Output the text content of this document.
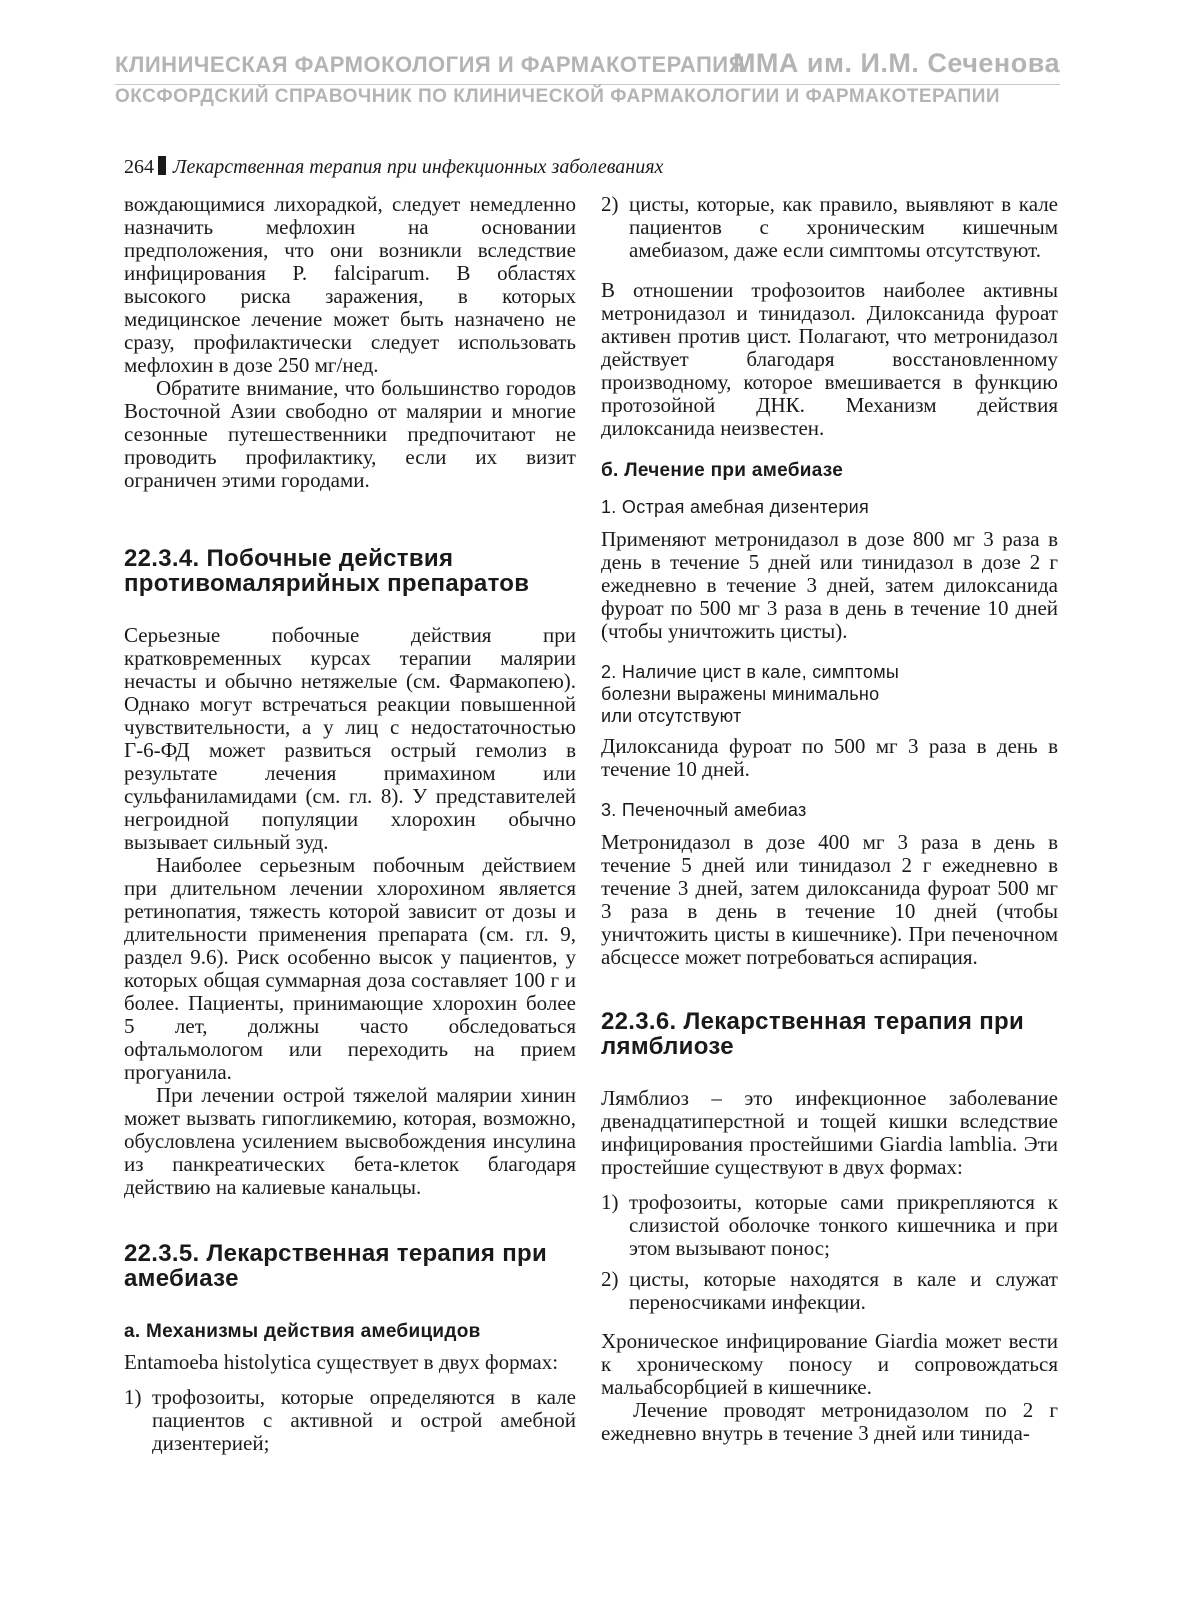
КЛИНИЧЕСКАЯ ФАРМОКОЛОГИЯ И ФАРМАКОТЕРАПИЯ
ММА им. И.М. Сеченова
ОКСФОРДСКИЙ СПРАВОЧНИК ПО КЛИНИЧЕСКОЙ ФАРМАКОЛОГИИ И ФАРМАКОТЕРАПИИ
264 Лекарственная терапия при инфекционных заболеваниях

вождающимися лихорадкой, следует немедленно назначить мефлохин на основании предположения, что они возникли вследствие инфицирования P. falciparum. В областях высокого риска заражения, в которых медицинское лечение может быть назначено не сразу, профилактически следует использовать мефлохин в дозе 250 мг/нед.

Обратите внимание, что большинство городов Восточной Азии свободно от малярии и многие сезонные путешественники предпочитают не проводить профилактику, если их визит ограничен этими городами.

22.3.4. Побочные действия противомалярийных препаратов

Серьезные побочные действия при кратковременных курсах терапии малярии нечасты и обычно нетяжелые (см. Фармакопею). Однако могут встречаться реакции повышенной чувствительности, а у лиц с недостаточностью Г-6-ФД может развиться острый гемолиз в результате лечения примахином или сульфаниламидами (см. гл. 8). У представителей негроидной популяции хлорохин обычно вызывает сильный зуд.

Наиболее серьезным побочным действием при длительном лечении хлорохином является ретинопатия, тяжесть которой зависит от дозы и длительности применения препарата (см. гл. 9, раздел 9.6). Риск особенно высок у пациентов, у которых общая суммарная доза составляет 100 г и более. Пациенты, принимающие хлорохин более 5 лет, должны часто обследоваться офтальмологом или переходить на прием прогуанила.

При лечении острой тяжелой малярии хинин может вызвать гипогликемию, которая, возможно, обусловлена усилением высвобождения инсулина из панкреатических бета-клеток благодаря действию на калиевые канальцы.

22.3.5. Лекарственная терапия при амебиазе
а. Механизмы действия амебицидов

Entamoeba histolytica существует в двух формах:

1) трофозоиты, которые определяются в кале пациентов с активной и острой амебной дизентерией;
2) цисты, которые, как правило, выявляют в кале пациентов с хроническим кишечным амебиазом, даже если симптомы отсутствуют.

В отношении трофозоитов наиболее активны метронидазол и тинидазол. Дилоксанида фуроат активен против цист. Полагают, что метронидазол действует благодаря восстановленному производному, которое вмешивается в функцию протозойной ДНК. Механизм действия дилоксанида неизвестен.

б. Лечение при амебиазе
1. Острая амебная дизентерия

Применяют метронидазол в дозе 800 мг 3 раза в день в течение 5 дней или тинидазол в дозе 2 г ежедневно в течение 3 дней, затем дилоксанида фуроат по 500 мг 3 раза в день в течение 10 дней (чтобы уничтожить цисты).

2. Наличие цист в кале, симптомы
болезни выражены минимально
или отсутствуют

Дилоксанида фуроат по 500 мг 3 раза в день в течение 10 дней.

3. Печеночный амебиаз

Метронидазол в дозе 400 мг 3 раза в день в течение 5 дней или тинидазол 2 г ежедневно в течение 3 дней, затем дилоксанида фуроат 500 мг 3 раза в день в течение 10 дней (чтобы уничтожить цисты в кишечнике). При печеночном абсцессе может потребоваться аспирация.

22.3.6. Лекарственная терапия при лямблиозе

Лямблиоз – это инфекционное заболевание двенадцатиперстной и тощей кишки вследствие инфицирования простейшими Giardia lamblia. Эти простейшие существуют в двух формах:

1) трофозоиты, которые сами прикрепляются к слизистой оболочке тонкого кишечника и при этом вызывают понос;
2) цисты, которые находятся в кале и служат переносчиками инфекции.

Хроническое инфицирование Giardia может вести к хроническому поносу и сопровождаться мальабсорбцией в кишечнике.

Лечение проводят метронидазолом по 2 г ежедневно внутрь в течение 3 дней или тинида-
